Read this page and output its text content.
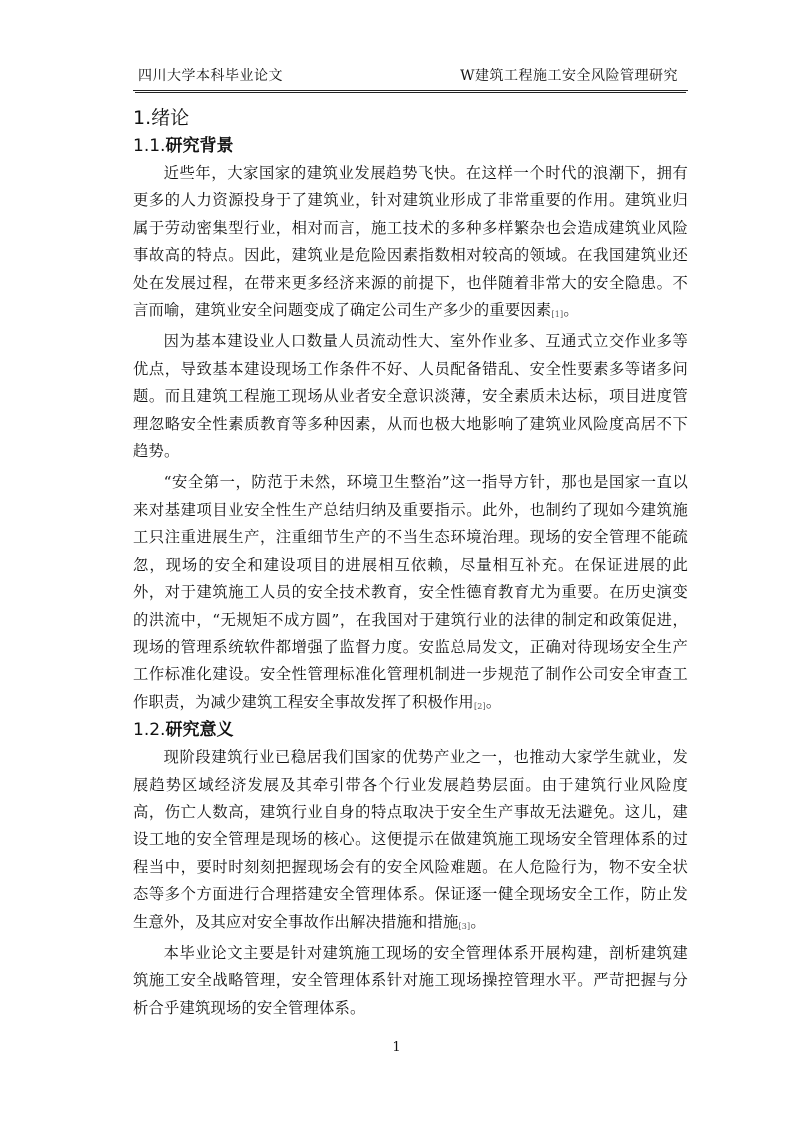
四川大学本科毕业论文	W建筑工程施工安全风险管理研究
1.绪论
1.1.研究背景

近些年，大家国家的建筑业发展趋势飞快。在这样一个时代的浪潮下，拥有更多的人力资源投身于了建筑业，针对建筑业形成了非常重要的作用。建筑业归属于劳动密集型行业，相对而言，施工技术的多种多样繁杂也会造成建筑业风险事故高的特点。因此，建筑业是危险因素指数相对较高的领域。在我国建筑业还处在发展过程，在带来更多经济来源的前提下，也伴随着非常大的安全隐患。不言而喻，建筑业安全问题变成了确定公司生产多少的重要因素[1]。

因为基本建设业人口数量人员流动性大、室外作业多、互通式立交作业多等优点，导致基本建设现场工作条件不好、人员配备错乱、安全性要素多等诸多问题。而且建筑工程施工现场从业者安全意识淡薄，安全素质未达标，项目进度管理忽略安全性素质教育等多种因素，从而也极大地影响了建筑业风险度高居不下趋势。

“安全第一，防范于未然，环境卫生整治”这一指导方针，那也是国家一直以来对基建项目业安全性生产总结归纳及重要指示。此外，也制约了现如今建筑施工只注重进展生产，注重细节生产的不当生态环境治理。现场的安全管理不能疏忽，现场的安全和建设项目的进展相互依赖，尽量相互补充。在保证进展的此外，对于建筑施工人员的安全技术教育，安全性德育教育尤为重要。在历史演变的洪流中，“无规矩不成方圆”，在我国对于建筑行业的法律的制定和政策促进，现场的管理系统软件都增强了监督力度。安监总局发文，正确对待现场安全生产工作标准化建设。安全性管理标准化管理机制进一步规范了制作公司安全审查工作职责，为减少建筑工程安全事故发挥了积极作用[2]。

1.2.研究意义

现阶段建筑行业已稳居我们国家的优势产业之一，也推动大家学生就业，发展趋势区域经济发展及其牵引带各个行业发展趋势层面。由于建筑行业风险度高，伤亡人数高，建筑行业自身的特点取决于安全生产事故无法避免。这儿，建设工地的安全管理是现场的核心。这便提示在做建筑施工现场安全管理体系的过程当中，要时时刻刻把握现场会有的安全风险难题。在人危险行为，物不安全状态等多个方面进行合理搭建安全管理体系。保证逐一健全现场安全工作，防止发生意外，及其应对安全事故作出解决措施和措施[3]。

本毕业论文主要是针对建筑施工现场的安全管理体系开展构建，剖析建筑建筑施工安全战略管理，安全管理体系针对施工现场操控管理水平。严苛把握与分析合乎建筑现场的安全管理体系。

1
